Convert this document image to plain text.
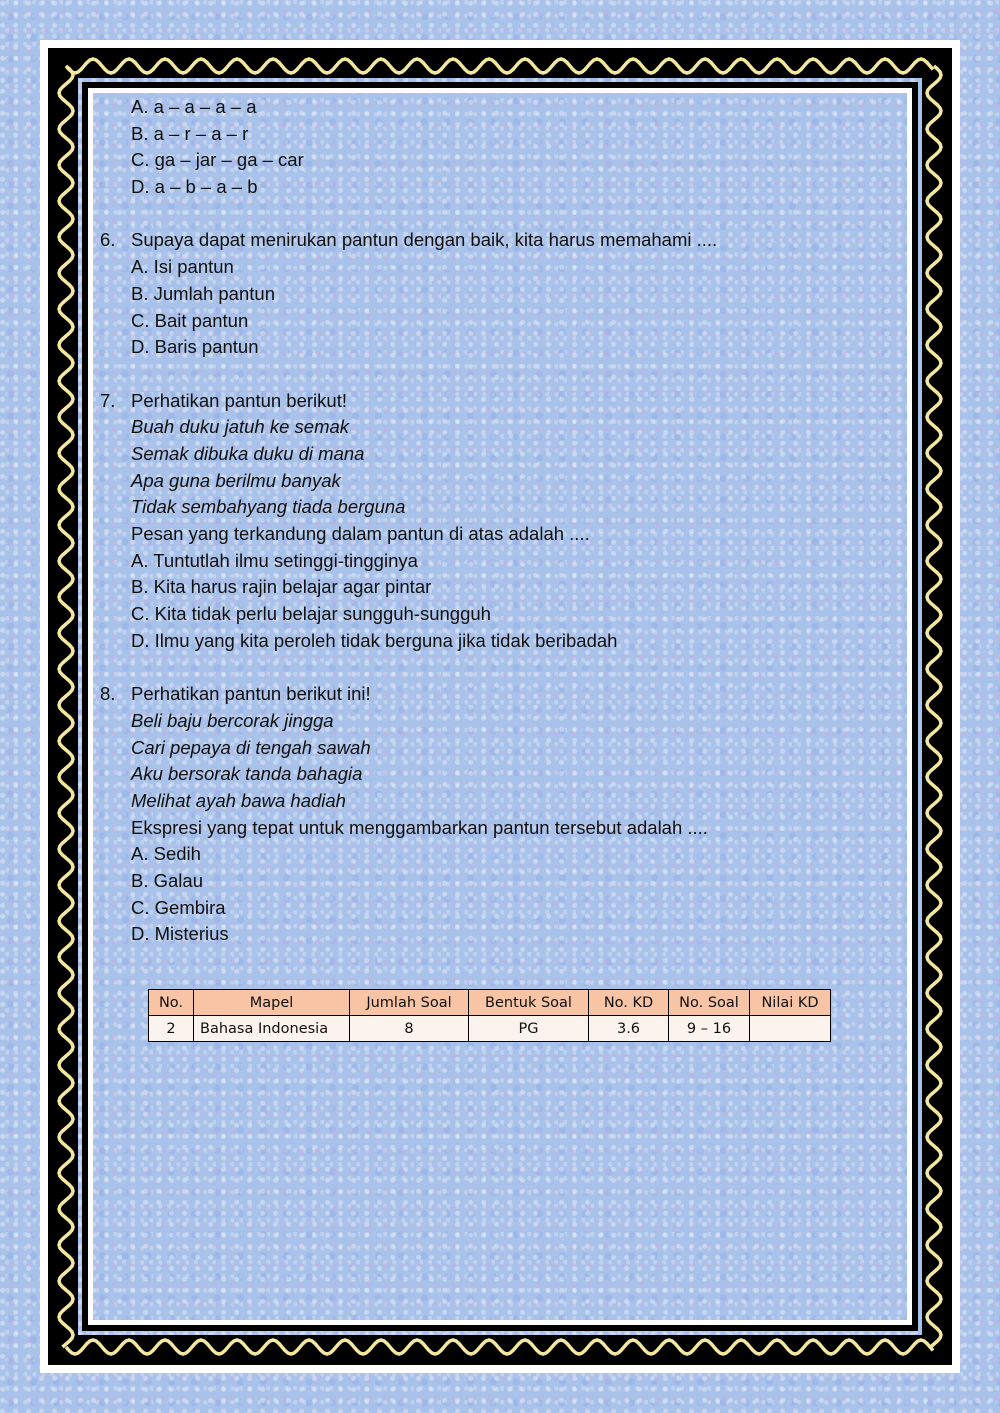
A. a – a – a – a
B. a – r – a – r
C. ga – jar – ga – car
D. a – b – a – b
6. Supaya dapat menirukan pantun dengan baik, kita harus memahami ....
A. Isi pantun
B. Jumlah pantun
C. Bait pantun
D. Baris pantun
7. Perhatikan pantun berikut!
Buah duku jatuh ke semak
Semak dibuka duku di mana
Apa guna berilmu banyak
Tidak sembahyang tiada berguna
Pesan yang terkandung dalam pantun di atas adalah ....
A. Tuntutlah ilmu setinggi-tingginya
B. Kita harus rajin belajar agar pintar
C. Kita tidak perlu belajar sungguh-sungguh
D. Ilmu yang kita peroleh tidak berguna jika tidak beribadah
8. Perhatikan pantun berikut ini!
Beli baju bercorak jingga
Cari pepaya di tengah sawah
Aku bersorak tanda bahagia
Melihat ayah bawa hadiah
Ekspresi yang tepat untuk menggambarkan pantun tersebut adalah ....
A. Sedih
B. Galau
C. Gembira
D. Misterius
No.	Mapel	Jumlah Soal	Bentuk Soal	No. KD	No. Soal	Nilai KD
2	Bahasa Indonesia	8	PG	3.6	9 – 16	
